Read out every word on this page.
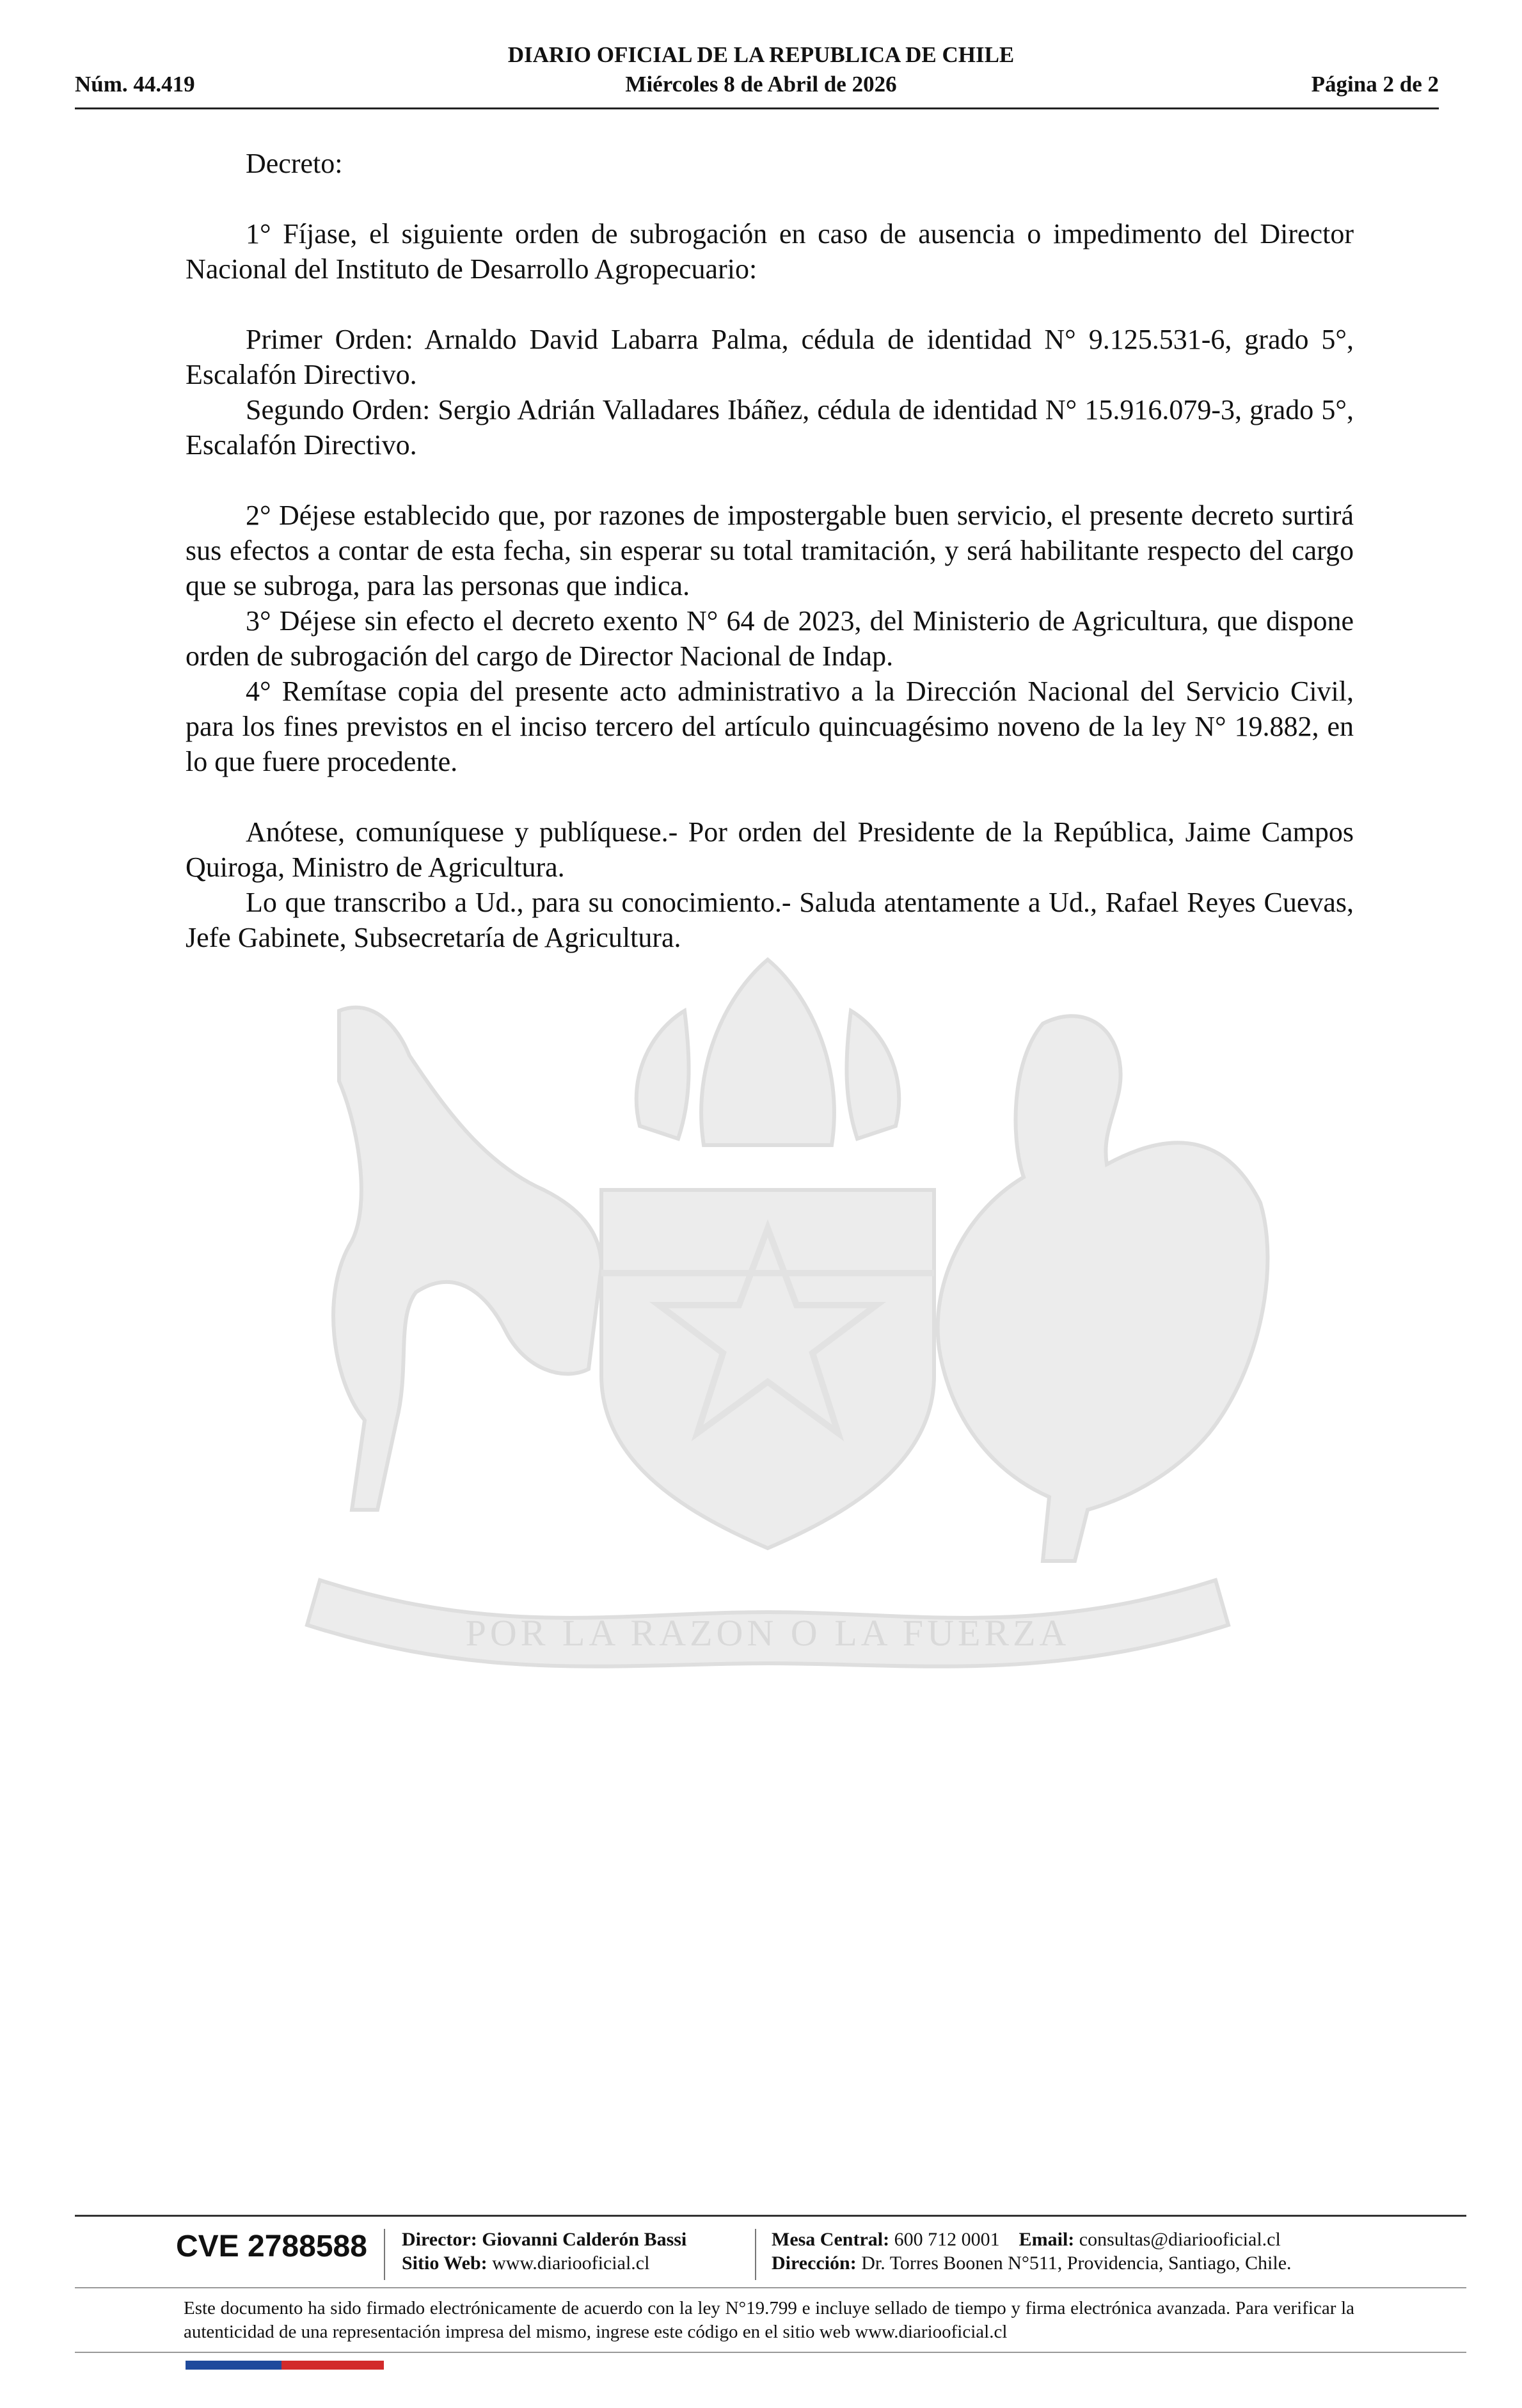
DIARIO OFICIAL DE LA REPUBLICA DE CHILE
Núm. 44.419	Miércoles 8 de Abril de 2026	Página 2 de 2
POR LA RAZON O LA FUERZA

Decreto:

1° Fíjase, el siguiente orden de subrogación en caso de ausencia o impedimento del Director Nacional del Instituto de Desarrollo Agropecuario:

Primer Orden: Arnaldo David Labarra Palma, cédula de identidad N° 9.125.531-6, grado 5°, Escalafón Directivo.

Segundo Orden: Sergio Adrián Valladares Ibáñez, cédula de identidad N° 15.916.079-3, grado 5°, Escalafón Directivo.

2° Déjese establecido que, por razones de impostergable buen servicio, el presente decreto surtirá sus efectos a contar de esta fecha, sin esperar su total tramitación, y será habilitante respecto del cargo que se subroga, para las personas que indica.

3° Déjese sin efecto el decreto exento N° 64 de 2023, del Ministerio de Agricultura, que dispone orden de subrogación del cargo de Director Nacional de Indap.

4° Remítase copia del presente acto administrativo a la Dirección Nacional del Servicio Civil, para los fines previstos en el inciso tercero del artículo quincuagésimo noveno de la ley N° 19.882, en lo que fuere procedente.

Anótese, comuníquese y publíquese.- Por orden del Presidente de la República, Jaime Campos Quiroga, Ministro de Agricultura.

Lo que transcribo a Ud., para su conocimiento.- Saluda atentamente a Ud., Rafael Reyes Cuevas, Jefe Gabinete, Subsecretaría de Agricultura.

CVE 2788588 Director: Giovanni Calderón Bassi
Sitio Web: www.diariooficial.cl
Mesa Central: 600 712 0001 Email: consultas@diariooficial.cl
Dirección: Dr. Torres Boonen N°511, Providencia, Santiago, Chile.
Este documento ha sido firmado electrónicamente de acuerdo con la ley N°19.799 e incluye sellado de tiempo y firma electrónica avanzada. Para verificar la autenticidad de una representación impresa del mismo, ingrese este código en el sitio web www.diariooficial.cl
